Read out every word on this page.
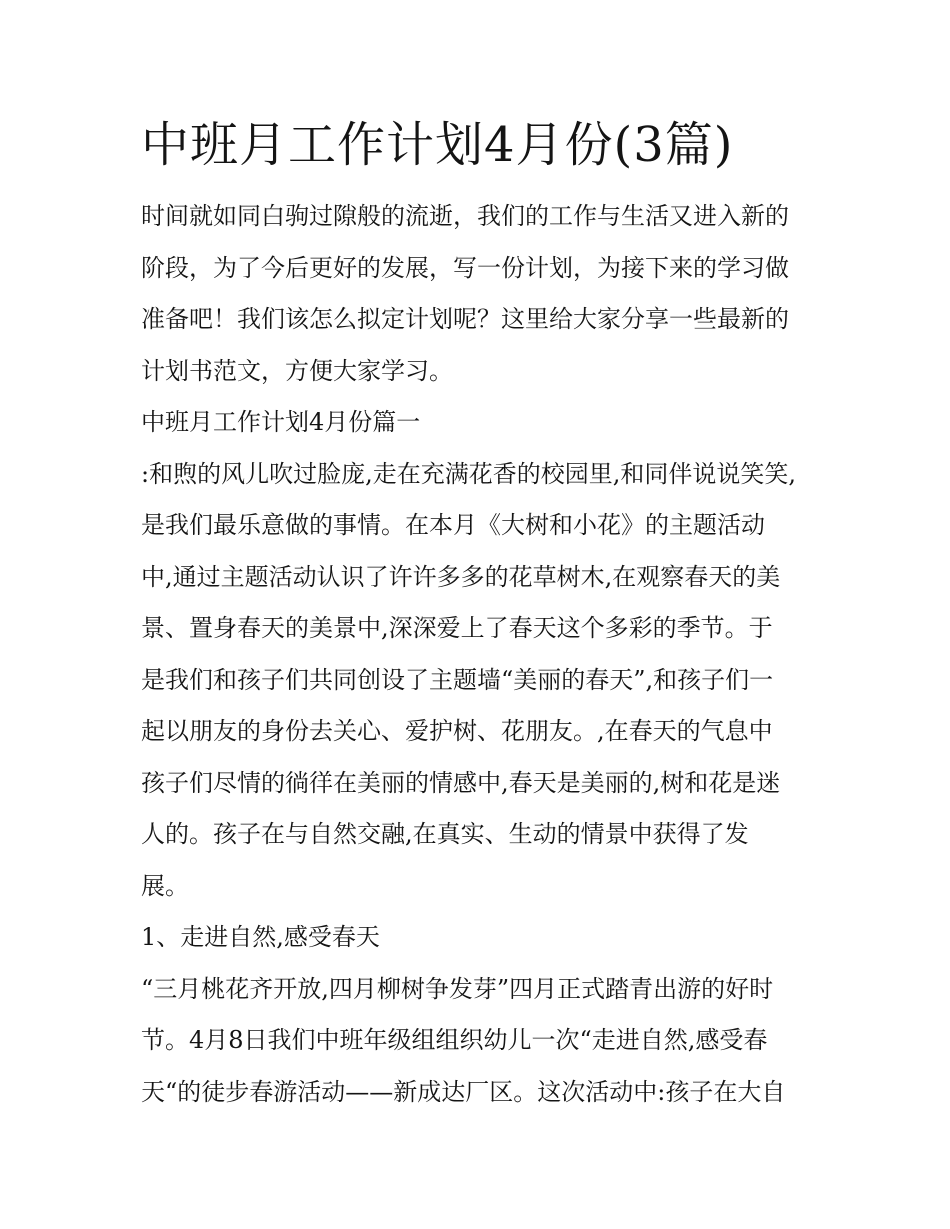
中班月工作计划4月份(3篇)
时间就如同白驹过隙般的流逝，我们的工作与生活又进入新的
阶段，为了今后更好的发展，写一份计划，为接下来的学习做
准备吧！我们该怎么拟定计划呢？这里给大家分享一些最新的
计划书范文，方便大家学习。
中班月工作计划4月份篇一
:和煦的风儿吹过脸庞,走在充满花香的校园里,和同伴说说笑笑,
是我们最乐意做的事情。在本月《大树和小花》的主题活动
中,通过主题活动认识了许许多多的花草树木,在观察春天的美
景、置身春天的美景中,深深爱上了春天这个多彩的季节。于
是我们和孩子们共同创设了主题墙“美丽的春天”,和孩子们一
起以朋友的身份去关心、爱护树、花朋友。,在春天的气息中
孩子们尽情的徜徉在美丽的情感中,春天是美丽的,树和花是迷
人的。孩子在与自然交融,在真实、生动的情景中获得了发
展。
1、走进自然,感受春天
“三月桃花齐开放,四月柳树争发芽”四月正式踏青出游的好时
节。4月8日我们中班年级组组织幼儿一次“走进自然,感受春
天“的徒步春游活动——新成达厂区。这次活动中:孩子在大自
